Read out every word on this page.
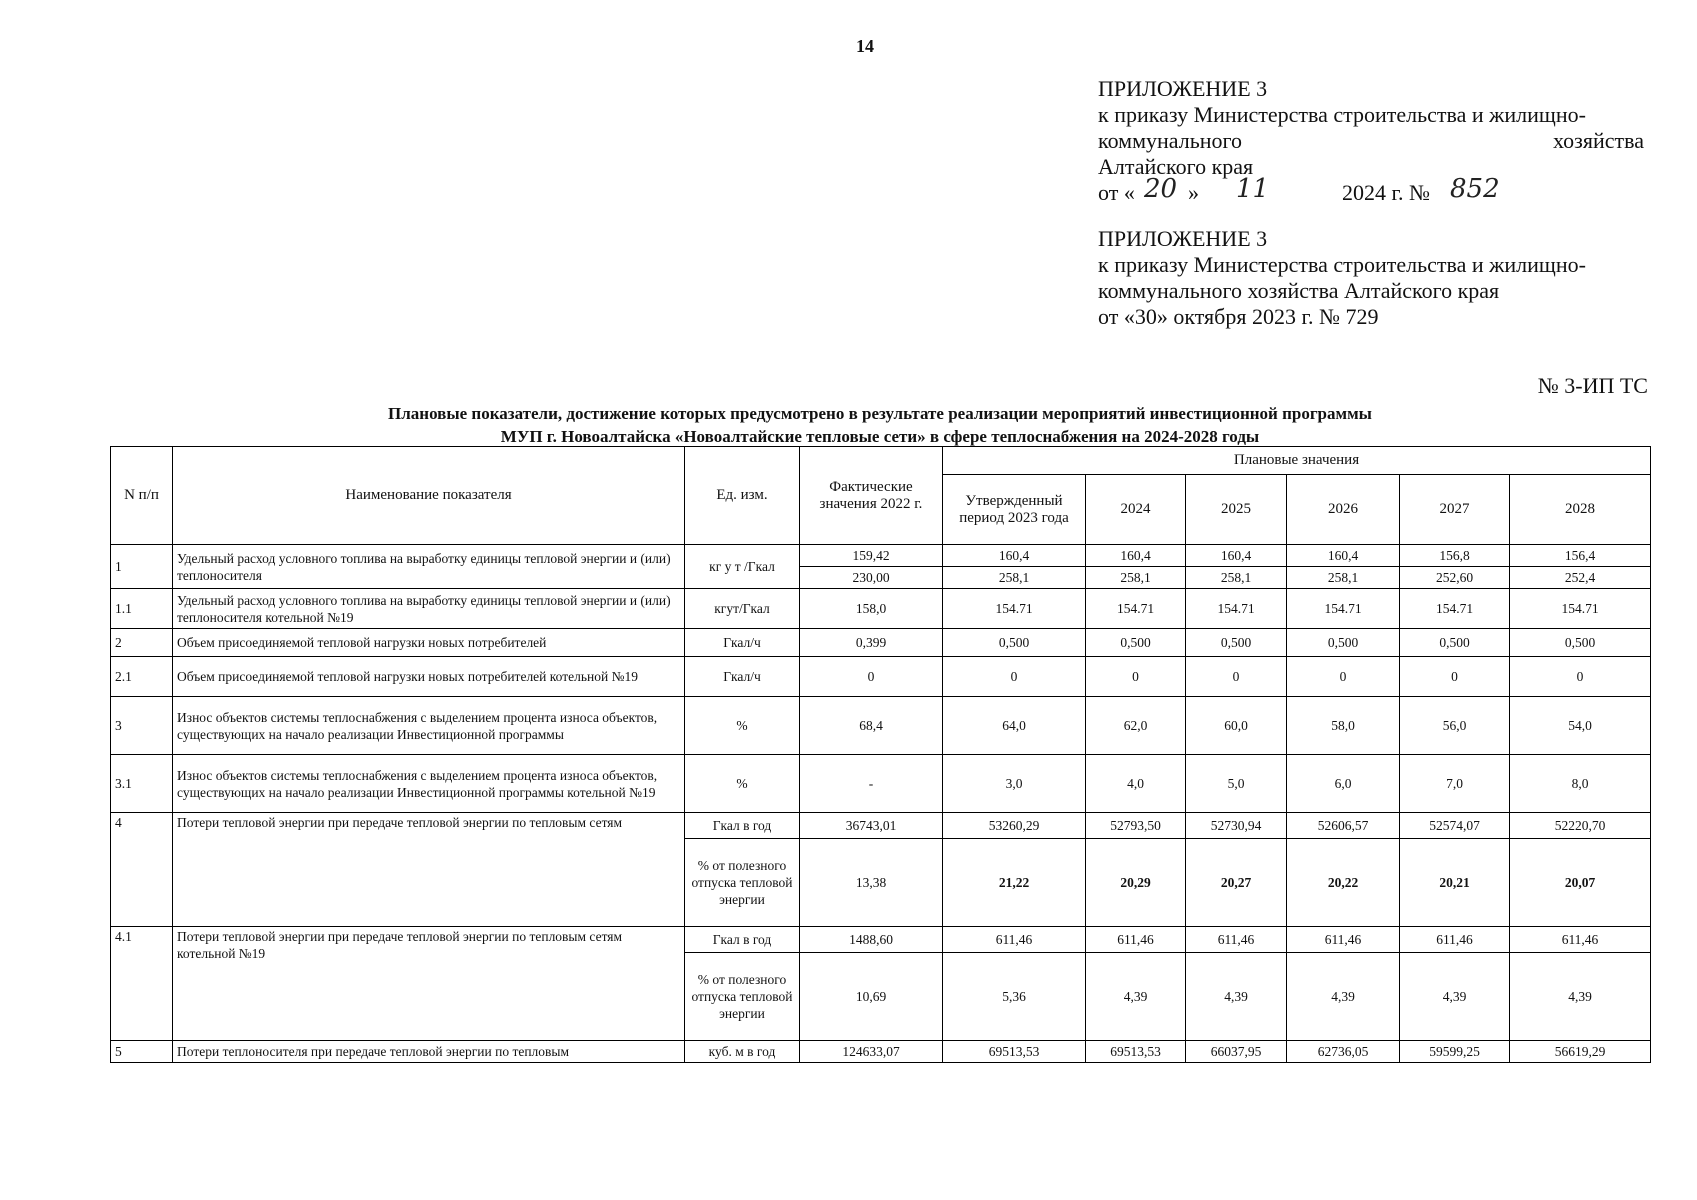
14
ПРИЛОЖЕНИЕ 3
к приказу Министерства строительства и жилищно-
коммунального	хозяйства
Алтайского края
от « 20 » 11	2024 г. № 852
ПРИЛОЖЕНИЕ 3
к приказу Министерства строительства и жилищно-
коммунального хозяйства Алтайского края
от «30» октября 2023 г. № 729
№ 3-ИП ТС
Плановые показатели, достижение которых предусмотрено в результате реализации мероприятий инвестиционной программы
МУП г. Новоалтайска «Новоалтайские тепловые сети» в сфере теплоснабжения на 2024-2028 годы
N п/п	Наименование показателя	Ед. изм.	Фактические значения 2022 г.	Плановые значения					
				Утвержденный период 2023 года	2024	2025	2026	2027	2028
1	Удельный расход условного топлива на выработку единицы тепловой энергии и (или) теплоносителя	кг у т /Гкал	159,42	160,4	160,4	160,4	160,4	156,8	156,4
			230,00	258,1	258,1	258,1	258,1	252,60	252,4
1.1	Удельный расход условного топлива на выработку единицы тепловой энергии и (или) теплоносителя котельной №19	кгут/Гкал	158,0	154.71	154.71	154.71	154.71	154.71	154.71
2	Объем присоединяемой тепловой нагрузки новых потребителей	Гкал/ч	0,399	0,500	0,500	0,500	0,500	0,500	0,500
2.1	Объем присоединяемой тепловой нагрузки новых потребителей котельной №19	Гкал/ч	0	0	0	0	0	0	0
3	Износ объектов системы теплоснабжения с выделением процента износа объектов, существующих на начало реализации Инвестиционной программы	%	68,4	64,0	62,0	60,0	58,0	56,0	54,0
3.1	Износ объектов системы теплоснабжения с выделением процента износа объектов, существующих на начало реализации Инвестиционной программы котельной №19	%	-	3,0	4,0	5,0	6,0	7,0	8,0
4	Потери тепловой энергии при передаче тепловой энергии по тепловым сетям	Гкал в год	36743,01	53260,29	52793,50	52730,94	52606,57	52574,07	52220,70
		% от полезного отпуска тепловой энергии	13,38	21,22	20,29	20,27	20,22	20,21	20,07
4.1	Потери тепловой энергии при передаче тепловой энергии по тепловым сетям котельной №19	Гкал в год	1488,60	611,46	611,46	611,46	611,46	611,46	611,46
		% от полезного отпуска тепловой энергии	10,69	5,36	4,39	4,39	4,39	4,39	4,39
5	Потери теплоносителя при передаче тепловой энергии по тепловым	куб. м в год	124633,07	69513,53	69513,53	66037,95	62736,05	59599,25	56619,29
